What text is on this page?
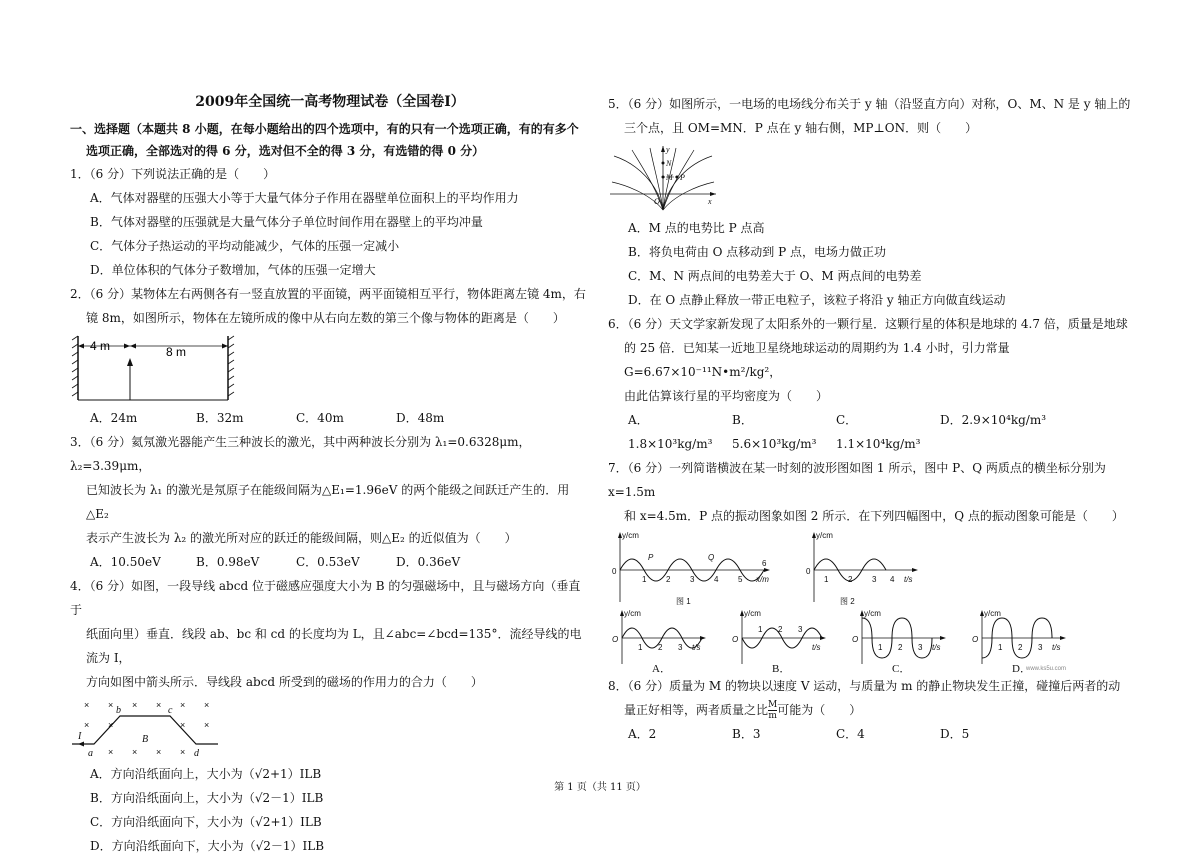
2009年全国统一高考物理试卷（全国卷Ⅰ）
一、选择题（本题共 8 小题，在每小题给出的四个选项中，有的只有一个选项正确，有的有多个
选项正确，全部选对的得 6 分，选对但不全的得 3 分，有选错的得 0 分）
1．（6 分）下列说法正确的是（　　）
A．气体对器壁的压强大小等于大量气体分子作用在器壁单位面积上的平均作用力
B．气体对器壁的压强就是大量气体分子单位时间作用在器壁上的平均冲量
C．气体分子热运动的平均动能减少，气体的压强一定减小
D．单位体积的气体分子数增加，气体的压强一定增大
2．（6 分）某物体左右两侧各有一竖直放置的平面镜，两平面镜相互平行，物体距离左镜 4m，右
镜 8m，如图所示，物体在左镜所成的像中从右向左数的第三个像与物体的距离是（　　）
4 m	8 m
A．24m	B．32m	C．40m	D．48m
3．（6 分）氦氖激光器能产生三种波长的激光，其中两种波长分别为 λ₁=0.6328μm，λ₂=3.39μm，
已知波长为 λ₁ 的激光是氖原子在能级间隔为△E₁=1.96eV 的两个能级之间跃迁产生的．用△E₂
表示产生波长为 λ₂ 的激光所对应的跃迁的能级间隔，则△E₂ 的近似值为（　　）
A．10.50eV	B．0.98eV	C．0.53eV	D．0.36eV
4．（6 分）如图，一段导线 abcd 位于磁感应强度大小为 B 的匀强磁场中，且与磁场方向（垂直于
纸面向里）垂直．线段 ab、bc 和 cd 的长度均为 L，且∠abc=∠bcd=135°．流经导线的电流为 I，
方向如图中箭头所示．导线段 abcd 所受到的磁场的作用力的合力（　　）
× × × × × ×
× ×	× ×
× × × ×
a
b	c
d
B
I
A．方向沿纸面向上，大小为（√2+1）ILB
B．方向沿纸面向上，大小为（√2－1）ILB
C．方向沿纸面向下，大小为（√2+1）ILB
D．方向沿纸面向下，大小为（√2－1）ILB
5．（6 分）如图所示，一电场的电场线分布关于 y 轴（沿竖直方向）对称，O、M、N 是 y 轴上的
三个点，且 OM=MN．P 点在 y 轴右侧，MP⊥ON．则（　　）
y
N
M P
O	x
A．M 点的电势比 P 点高
B．将负电荷由 O 点移动到 P 点，电场力做正功
C．M、N 两点间的电势差大于 O、M 两点间的电势差
D．在 O 点静止释放一带正电粒子，该粒子将沿 y 轴正方向做直线运动
6．（6 分）天文学家新发现了太阳系外的一颗行星．这颗行星的体积是地球的 4.7 倍，质量是地球
的 25 倍．已知某一近地卫星绕地球运动的周期约为 1.4 小时，引力常量 G=6.67×10⁻¹¹N•m²/kg²，
由此估算该行星的平均密度为（　　）
A．1.8×10³kg/m³
B．5.6×10³kg/m³
C．1.1×10⁴kg/m³
D．2.9×10⁴kg/m³
7．（6 分）一列简谐横波在某一时刻的波形图如图 1 所示，图中 P、Q 两质点的横坐标分别为 x=1.5m
和 x=4.5m．P 点的振动图象如图 2 所示．在下列四幅图中，Q 点的振动图象可能是（　　）
y/cm
x/m
0
1 2 3 4 5
6
P	Q
图 1
y/cm
t/s
0
1 2 3 4
图 2
y/cm
O
1 2 3 t/s
A．
y/cm
O
1 2 3
t/s
B．
y/cm
O
1 2 3 t/s
C．
y/cm
O
1 2 3 t/s
D．
www.ks5u.com
8．（6 分）质量为 M 的物块以速度 V 运动，与质量为 m 的静止物块发生正撞，碰撞后两者的动
量正好相等，两者质量之比 $\frac{M}{m}$ 可能为（　　）
A．2	B．3	C．4	D．5
第 1 页（共 11 页）
